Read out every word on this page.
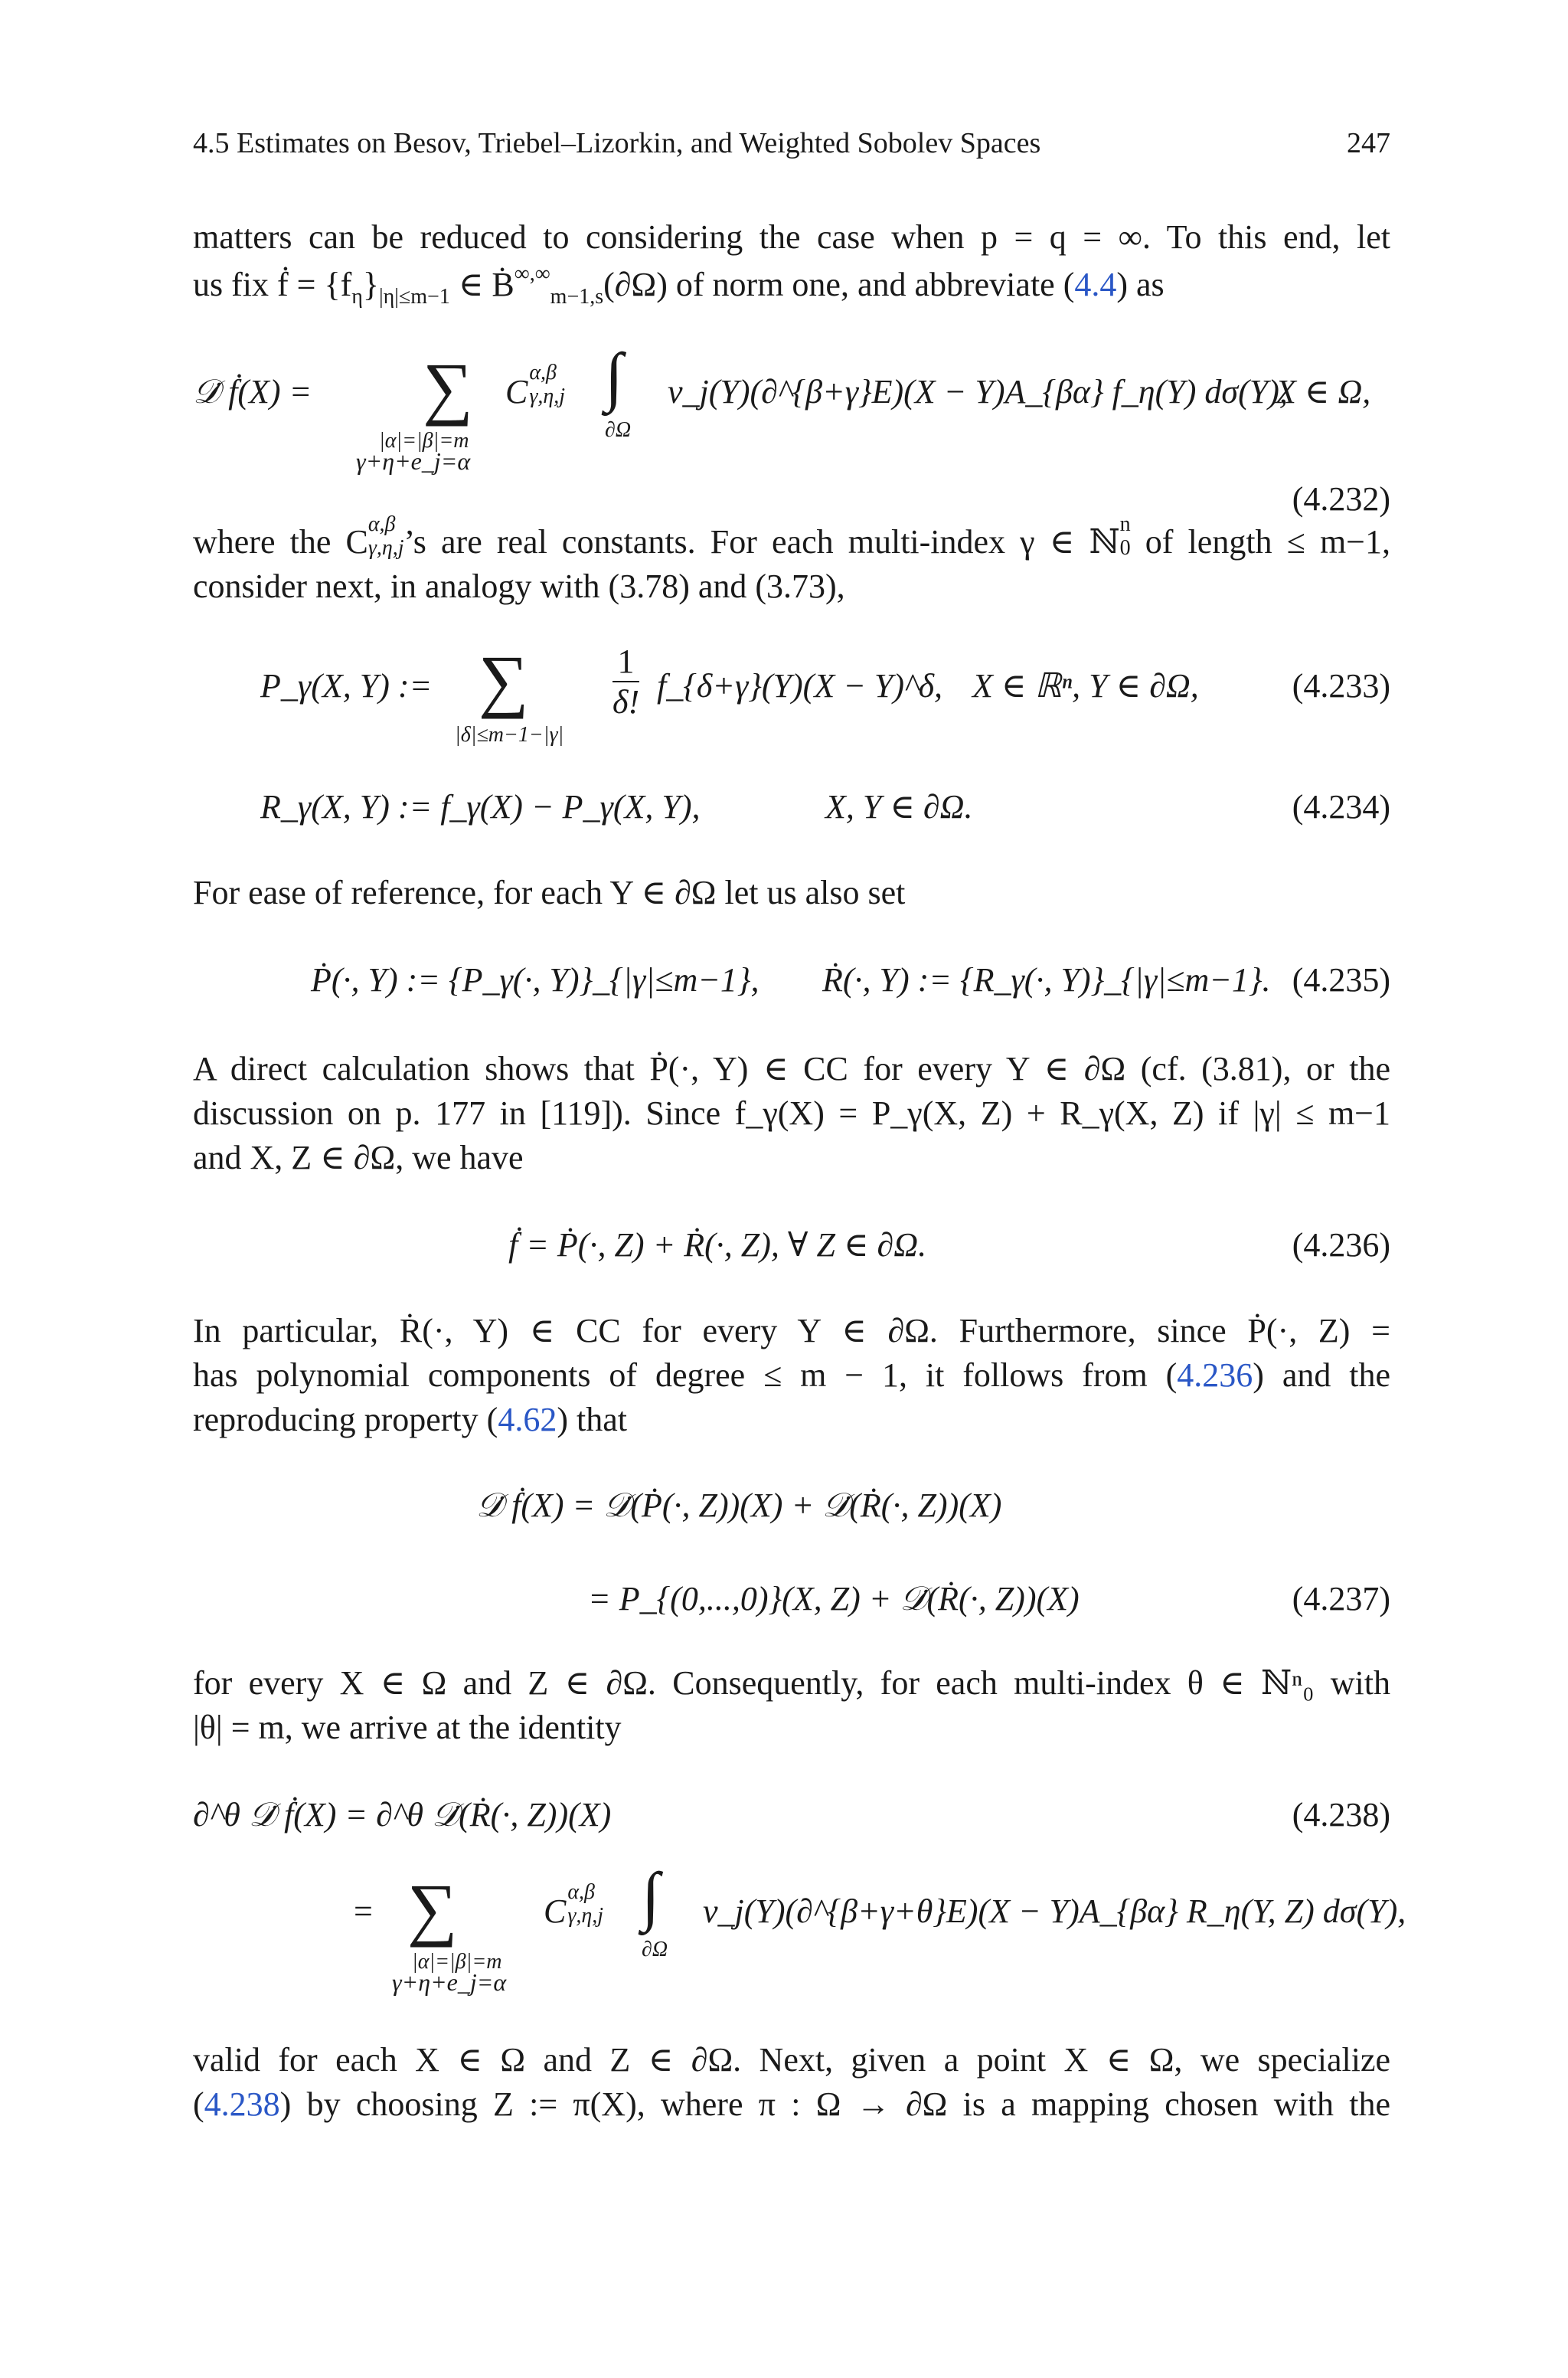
4.5 Estimates on Besov, Triebel–Lizorkin, and Weighted Sobolev Spaces	247
matters can be reduced to considering the case when p = q = ∞. To this end, let
us fix ḟ = $\{f_\eta\}_{|\eta|\le m-1}$ ∈ Ḃ∞,∞$_{m-1,s}$(∂Ω) of norm one, and abbreviate (4.4) as
𝒟̇ ḟ(X) =	∑
|α|=|β|=m
γ+η+e_j=α
C
α,β
γ,η,j ∫
∂Ω
ν_j(Y)(∂^{β+γ}E)(X − Y)A_{βα} f_η(Y) dσ(Y),
X ∈ Ω,
(4.232)
where the C α,β
γ,η,j ’s are real constants. For each multi-index γ ∈ ℕ n
0 of length ≤ m−1,
consider next, in analogy with (3.78) and (3.73),
P_γ(X, Y) := ∑
|δ|≤m−1−|γ|
$\frac{1}{\delta!}$ f_{δ+γ}(Y)(X − Y)^δ, X ∈ ℝⁿ, Y ∈ ∂Ω,	(4.233)
R_γ(X, Y) := f_γ(X) − P_γ(X, Y),	X, Y ∈ ∂Ω.	(4.234)
For ease of reference, for each Y ∈ ∂Ω let us also set
Ṗ(·, Y) := {P_γ(·, Y)}_{|γ|≤m−1}, Ṙ(·, Y) := {R_γ(·, Y)}_{|γ|≤m−1}. (4.235)
A direct calculation shows that Ṗ(·, Y) ∈ CC for every Y ∈ ∂Ω (cf. (3.81), or the
discussion on p. 177 in [119]). Since f_γ(X) = P_γ(X, Z) + R_γ(X, Z) if |γ| ≤ m−1
and X, Z ∈ ∂Ω, we have
ḟ = Ṗ(·, Z) + Ṙ(·, Z), ∀ Z ∈ ∂Ω.	(4.236)
In particular, Ṙ(·, Y) ∈ CC for every Y ∈ ∂Ω. Furthermore, since Ṗ(·, Z) =
has polynomial components of degree ≤ m − 1, it follows from (4.236) and the
reproducing property (4.62) that
𝒟̇ ḟ(X) = 𝒟̇(Ṗ(·, Z))(X) + 𝒟̇(Ṙ(·, Z))(X)
= P_{(0,...,0)}(X, Z) + 𝒟̇(Ṙ(·, Z))(X)	(4.237)
for every X ∈ Ω and Z ∈ ∂Ω. Consequently, for each multi-index θ ∈ ℕⁿ₀ with
|θ| = m, we arrive at the identity
∂^θ 𝒟̇ ḟ(X) = ∂^θ 𝒟̇(Ṙ(·, Z))(X)	(4.238)
= ∑
|α|=|β|=m
γ+η+e_j=α
C
α,β
γ,η,j ∫
∂Ω
ν_j(Y)(∂^{β+γ+θ}E)(X − Y)A_{βα} R_η(Y, Z) dσ(Y),
valid for each X ∈ Ω and Z ∈ ∂Ω. Next, given a point X ∈ Ω, we specialize
(4.238) by choosing Z := π(X), where π : Ω → ∂Ω is a mapping chosen with the
